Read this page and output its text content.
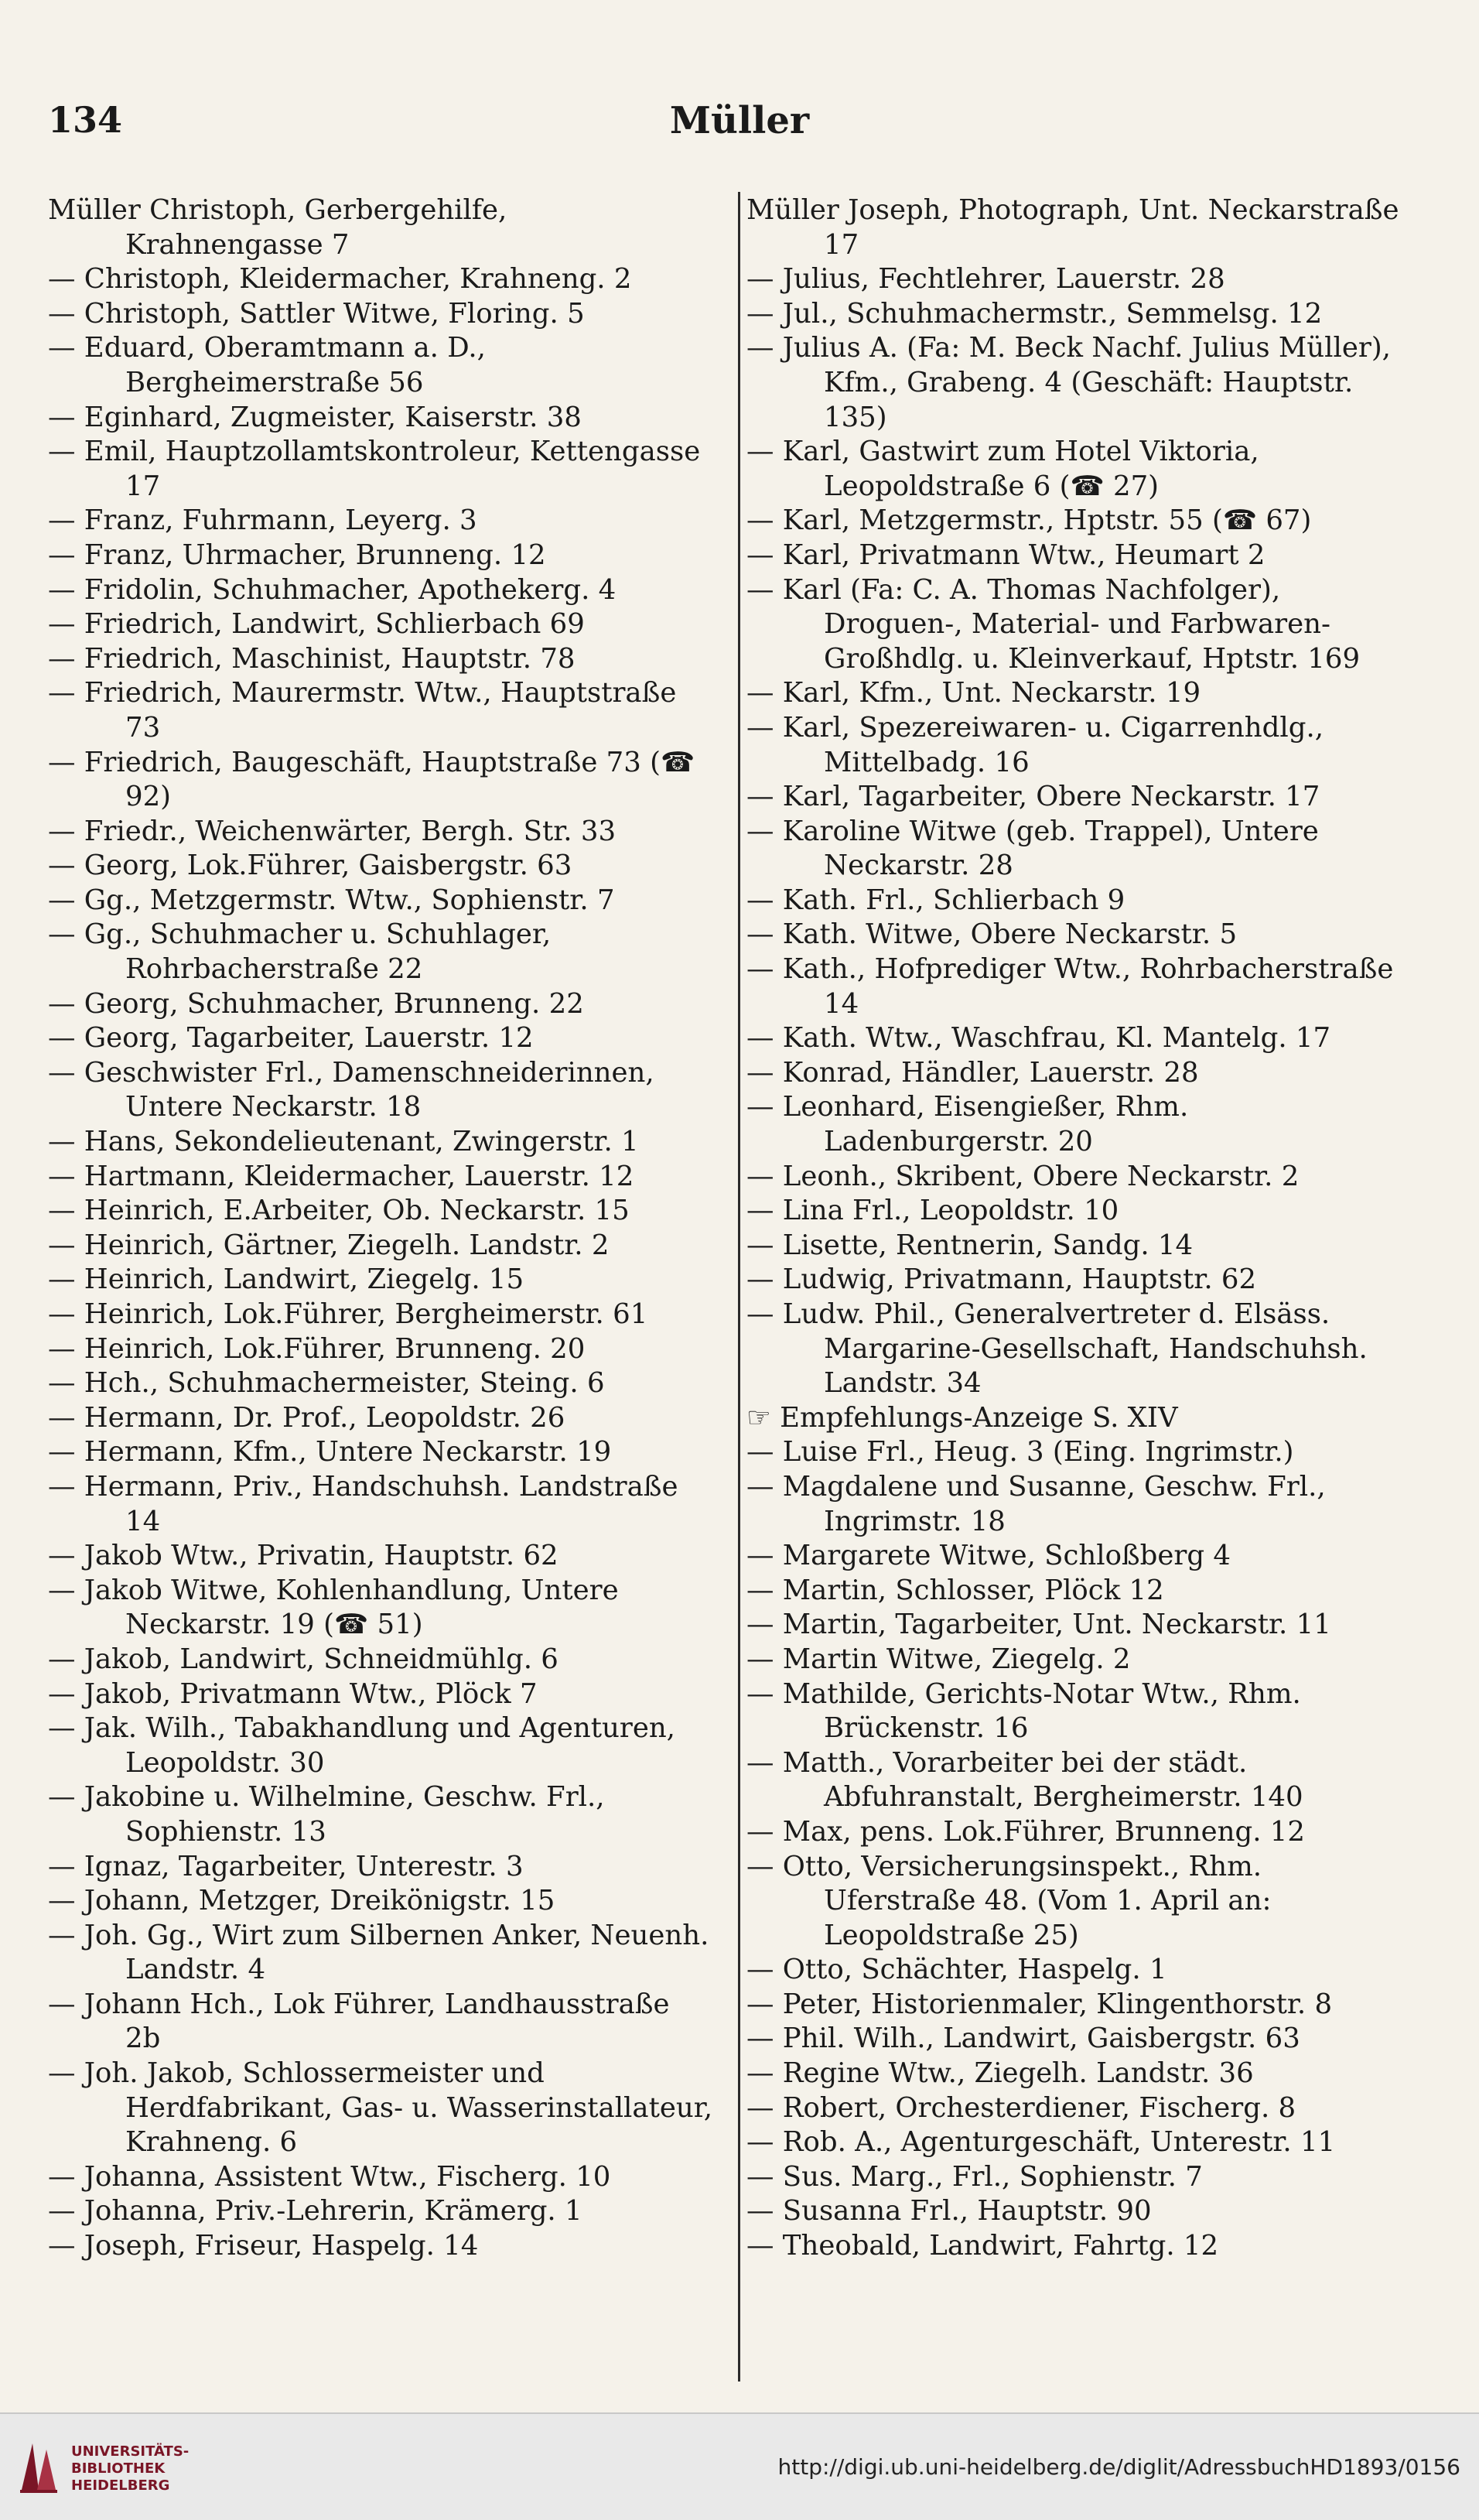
Müller
134
Müller Christoph, Gerbergehilfe, Krahnengasse 7
— Christoph, Kleidermacher, Krahneng. 2
— Christoph, Sattler Witwe, Floring. 5
— Eduard, Oberamtmann a. D., Bergheimerstraße 56
— Eginhard, Zugmeister, Kaiserstr. 38
— Emil, Hauptzollamtskontroleur, Kettengasse 17
— Franz, Fuhrmann, Leyerg. 3
— Franz, Uhrmacher, Brunneng. 12
— Fridolin, Schuhmacher, Apothekerg. 4
— Friedrich, Landwirt, Schlierbach 69
— Friedrich, Maschinist, Hauptstr. 78
— Friedrich, Maurermstr. Wtw., Hauptstraße 73
— Friedrich, Baugeschäft, Hauptstraße 73 (☎ 92)
— Friedr., Weichenwärter, Bergh. Str. 33
— Georg, Lok.Führer, Gaisbergstr. 63
— Gg., Metzgermstr. Wtw., Sophienstr. 7
— Gg., Schuhmacher u. Schuhlager, Rohrbacherstraße 22
— Georg, Schuhmacher, Brunneng. 22
— Georg, Tagarbeiter, Lauerstr. 12
— Geschwister Frl., Damenschneiderinnen, Untere Neckarstr. 18
— Hans, Sekondelieutenant, Zwingerstr. 1
— Hartmann, Kleidermacher, Lauerstr. 12
— Heinrich, E.Arbeiter, Ob. Neckarstr. 15
— Heinrich, Gärtner, Ziegelh. Landstr. 2
— Heinrich, Landwirt, Ziegelg. 15
— Heinrich, Lok.Führer, Bergheimerstr. 61
— Heinrich, Lok.Führer, Brunneng. 20
— Hch., Schuhmachermeister, Steing. 6
— Hermann, Dr. Prof., Leopoldstr. 26
— Hermann, Kfm., Untere Neckarstr. 19
— Hermann, Priv., Handschuhsh. Landstraße 14
— Jakob Wtw., Privatin, Hauptstr. 62
— Jakob Witwe, Kohlenhandlung, Untere Neckarstr. 19 (☎ 51)
— Jakob, Landwirt, Schneidmühlg. 6
— Jakob, Privatmann Wtw., Plöck 7
— Jak. Wilh., Tabakhandlung und Agenturen, Leopoldstr. 30
— Jakobine u. Wilhelmine, Geschw. Frl., Sophienstr. 13
— Ignaz, Tagarbeiter, Unterestr. 3
— Johann, Metzger, Dreikönigstr. 15
— Joh. Gg., Wirt zum Silbernen Anker, Neuenh. Landstr. 4
— Johann Hch., Lok Führer, Landhausstraße 2b
— Joh. Jakob, Schlossermeister und Herdfabrikant, Gas- u. Wasserinstallateur, Krahneng. 6
— Johanna, Assistent Wtw., Fischerg. 10
— Johanna, Priv.-Lehrerin, Krämerg. 1
— Joseph, Friseur, Haspelg. 14
Müller Joseph, Photograph, Unt. Neckarstraße 17
— Julius, Fechtlehrer, Lauerstr. 28
— Jul., Schuhmachermstr., Semmelsg. 12
— Julius A. (Fa: M. Beck Nachf. Julius Müller), Kfm., Grabeng. 4 (Geschäft: Hauptstr. 135)
— Karl, Gastwirt zum Hotel Viktoria, Leopoldstraße 6 (☎ 27)
— Karl, Metzgermstr., Hptstr. 55 (☎ 67)
— Karl, Privatmann Wtw., Heumart 2
— Karl (Fa: C. A. Thomas Nachfolger), Droguen-, Material- und Farbwaren-Großhdlg. u. Kleinverkauf, Hptstr. 169
— Karl, Kfm., Unt. Neckarstr. 19
— Karl, Spezereiwaren- u. Cigarrenhdlg., Mittelbadg. 16
— Karl, Tagarbeiter, Obere Neckarstr. 17
— Karoline Witwe (geb. Trappel), Untere Neckarstr. 28
— Kath. Frl., Schlierbach 9
— Kath. Witwe, Obere Neckarstr. 5
— Kath., Hofprediger Wtw., Rohrbacherstraße 14
— Kath. Wtw., Waschfrau, Kl. Mantelg. 17
— Konrad, Händler, Lauerstr. 28
— Leonhard, Eisengießer, Rhm. Ladenburgerstr. 20
— Leonh., Skribent, Obere Neckarstr. 2
— Lina Frl., Leopoldstr. 10
— Lisette, Rentnerin, Sandg. 14
— Ludwig, Privatmann, Hauptstr. 62
— Ludw. Phil., Generalvertreter d. Elsäss. Margarine-Gesellschaft, Handschuhsh. Landstr. 34
☞ Empfehlungs-Anzeige S. XIV
— Luise Frl., Heug. 3 (Eing. Ingrimstr.)
— Magdalene und Susanne, Geschw. Frl., Ingrimstr. 18
— Margarete Witwe, Schloßberg 4
— Martin, Schlosser, Plöck 12
— Martin, Tagarbeiter, Unt. Neckarstr. 11
— Martin Witwe, Ziegelg. 2
— Mathilde, Gerichts-Notar Wtw., Rhm. Brückenstr. 16
— Matth., Vorarbeiter bei der städt. Abfuhranstalt, Bergheimerstr. 140
— Max, pens. Lok.Führer, Brunneng. 12
— Otto, Versicherungsinspekt., Rhm. Uferstraße 48. (Vom 1. April an: Leopoldstraße 25)
— Otto, Schächter, Haspelg. 1
— Peter, Historienmaler, Klingenthorstr. 8
— Phil. Wilh., Landwirt, Gaisbergstr. 63
— Regine Wtw., Ziegelh. Landstr. 36
— Robert, Orchesterdiener, Fischerg. 8
— Rob. A., Agenturgeschäft, Unterestr. 11
— Sus. Marg., Frl., Sophienstr. 7
— Susanna Frl., Hauptstr. 90
— Theobald, Landwirt, Fahrtg. 12
UNIVERSITÄTS-
BIBLIOTHEK
HEIDELBERG
http://digi.ub.uni-heidelberg.de/diglit/AdressbuchHD1893/0156
